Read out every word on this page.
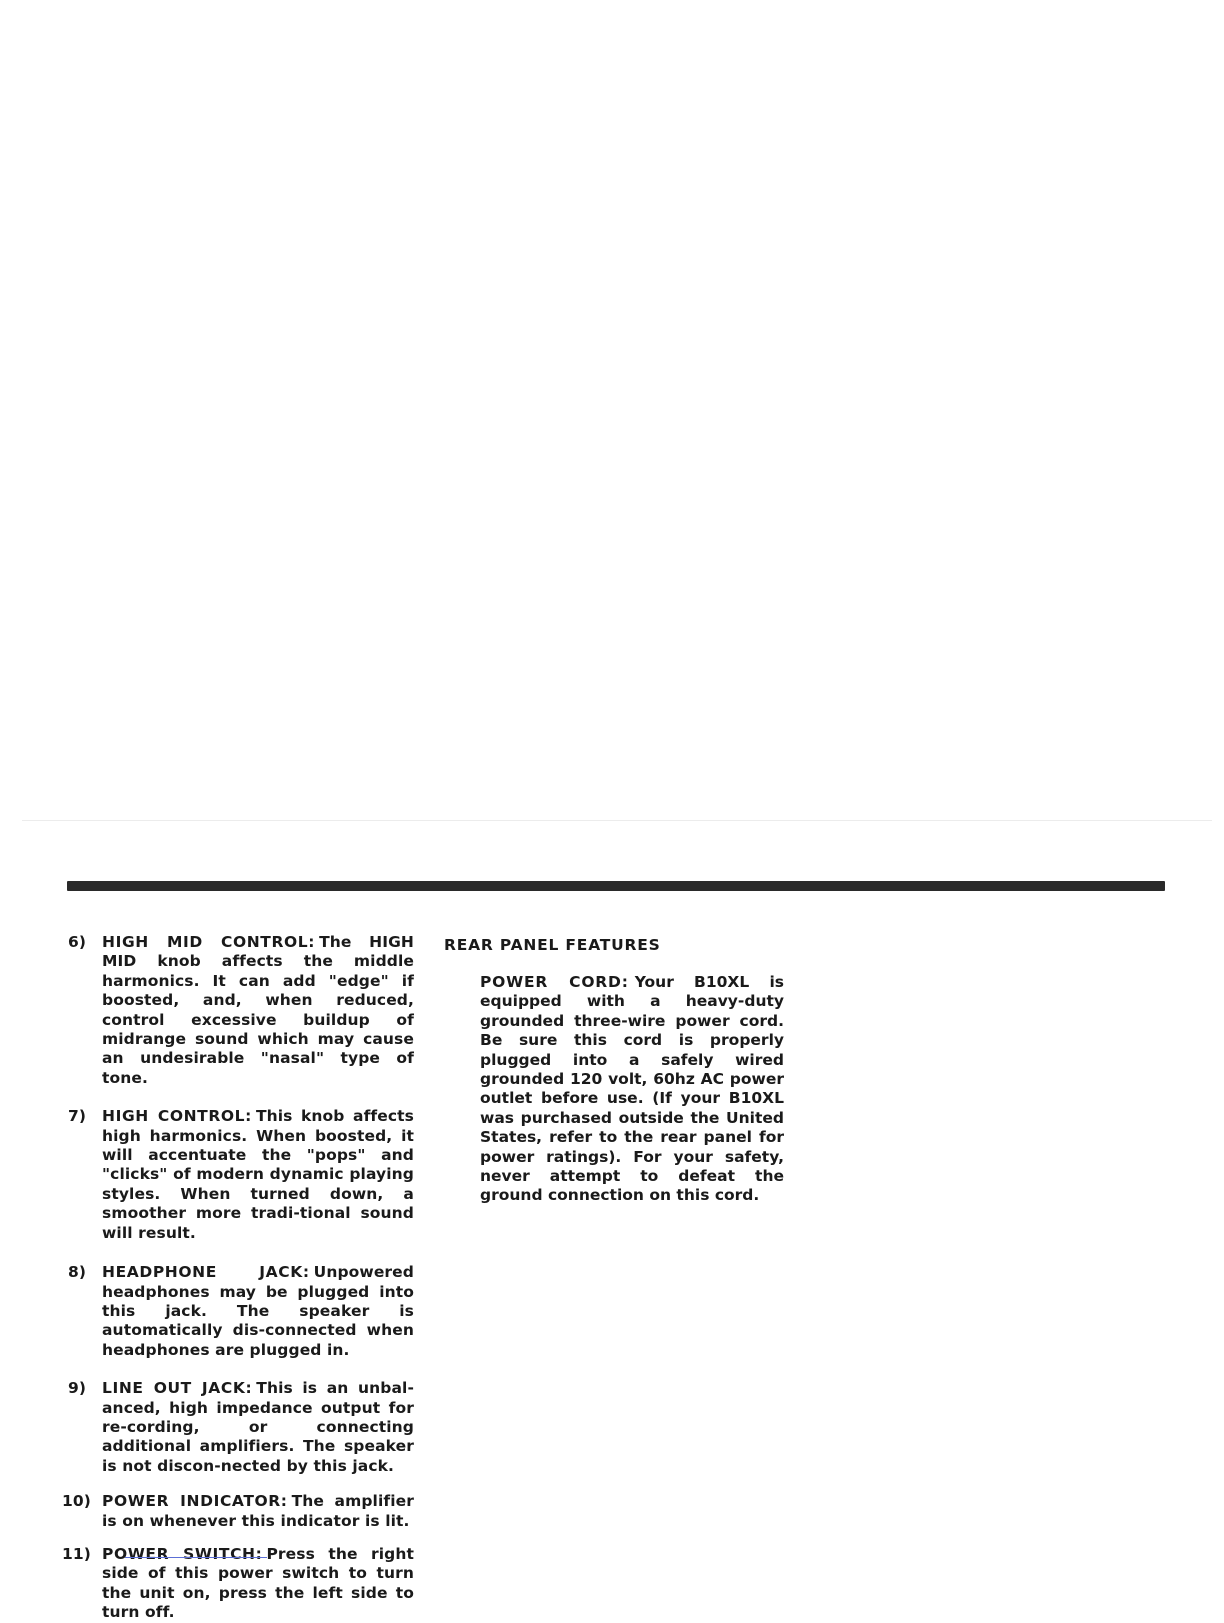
6) HIGH MID CONTROL: The HIGH MID knob affects the middle harmonics. It can add "edge" if boosted, and, when reduced, control excessive buildup of midrange sound which may cause an undesirable "nasal" type of tone.
7) HIGH CONTROL: This knob affects high harmonics. When boosted, it will accentuate the "pops" and "clicks" of modern dynamic playing styles. When turned down, a smoother more tradi-tional sound will result.
8) HEADPHONE JACK: Unpowered headphones may be plugged into this jack. The speaker is automatically dis-connected when headphones are plugged in.
9) LINE OUT JACK: This is an unbal-anced, high impedance output for re-cording, or connecting additional amplifiers. The speaker is not discon-nected by this jack.
10) POWER INDICATOR: The amplifier is on whenever this indicator is lit.
11) POWER SWITCH: Press the right side of this power switch to turn the unit on, press the left side to turn off.
REAR PANEL FEATURES
POWER CORD: Your B10XL is equipped with a heavy-duty grounded three-wire power cord. Be sure this cord is properly plugged into a safely wired grounded 120 volt, 60hz AC power outlet before use. (If your B10XL was purchased outside the United States, refer to the rear panel for power ratings). For your safety, never attempt to defeat the ground connection on this cord.
